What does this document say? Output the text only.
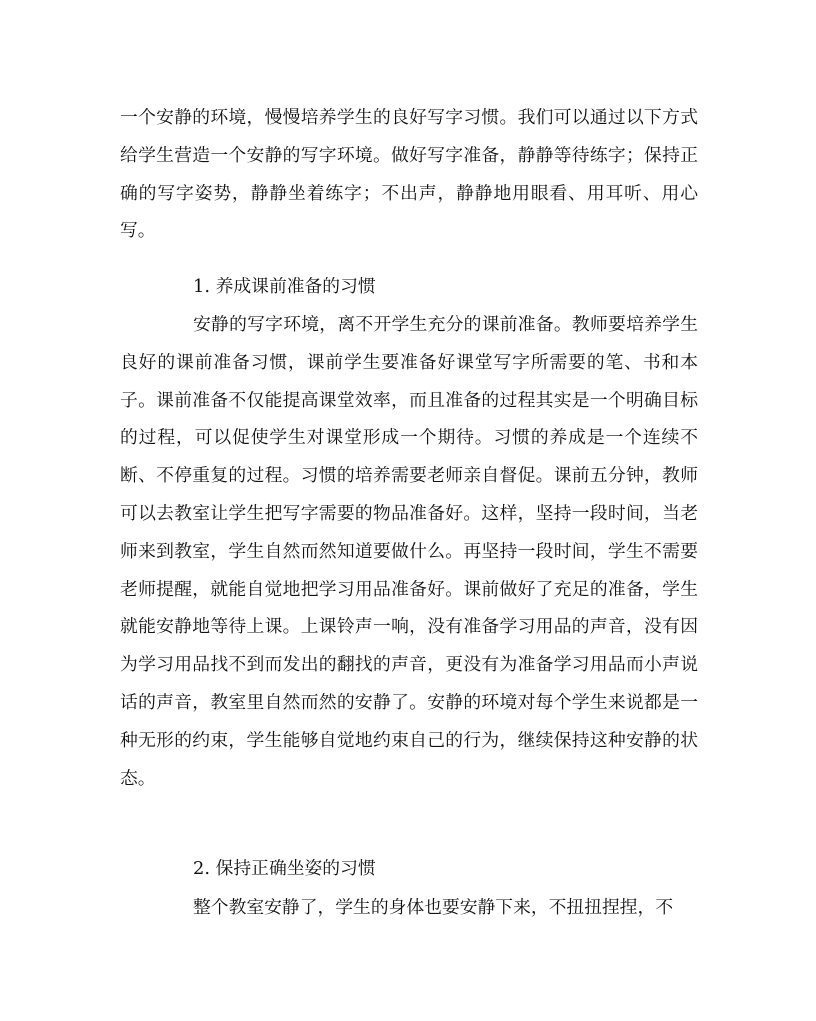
一个安静的环境，慢慢培养学生的良好写字习惯。我们可以通过以下方式给学生营造一个安静的写字环境。做好写字准备，静静等待练字；保持正确的写字姿势，静静坐着练字；不出声，静静地用眼看、用耳听、用心写。

1. 养成课前准备的习惯

安静的写字环境，离不开学生充分的课前准备。教师要培养学生良好的课前准备习惯，课前学生要准备好课堂写字所需要的笔、书和本子。课前准备不仅能提高课堂效率，而且准备的过程其实是一个明确目标的过程，可以促使学生对课堂形成一个期待。习惯的养成是一个连续不断、不停重复的过程。习惯的培养需要老师亲自督促。课前五分钟，教师可以去教室让学生把写字需要的物品准备好。这样，坚持一段时间，当老师来到教室，学生自然而然知道要做什么。再坚持一段时间，学生不需要老师提醒，就能自觉地把学习用品准备好。课前做好了充足的准备，学生就能安静地等待上课。上课铃声一响，没有准备学习用品的声音，没有因为学习用品找不到而发出的翻找的声音，更没有为准备学习用品而小声说话的声音，教室里自然而然的安静了。安静的环境对每个学生来说都是一种无形的约束，学生能够自觉地约束自己的行为，继续保持这种安静的状态。

2. 保持正确坐姿的习惯

整个教室安静了，学生的身体也要安静下来，不扭扭捏捏，不
